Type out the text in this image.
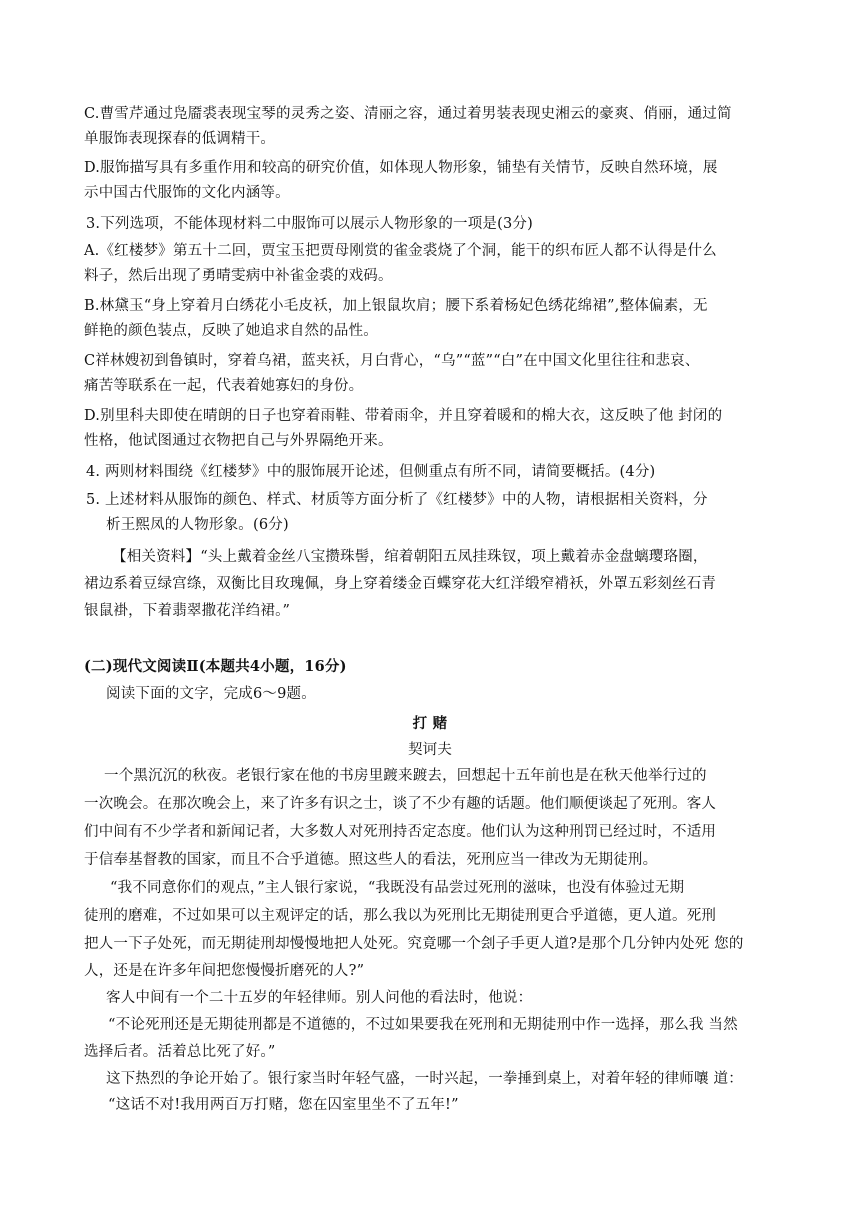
C.曹雪芹通过凫靥裘表现宝琴的灵秀之姿、清丽之容，通过着男装表现史湘云的豪爽、俏丽，通过简
单服饰表现探春的低调精干。
D.服饰描写具有多重作用和较高的研究价值，如体现人物形象，铺垫有关情节，反映自然环境，展
示中国古代服饰的文化内涵等。
3.下列选项，不能体现材料二中服饰可以展示人物形象的一项是(3分)
A.《红楼梦》第五十二回，贾宝玉把贾母刚赏的雀金裘烧了个洞，能干的织布匠人都不认得是什么
料子，然后出现了勇晴雯病中补雀金裘的戏码。
B.林黛玉“身上穿着月白绣花小毛皮袄，加上银鼠坎肩；腰下系着杨妃色绣花绵裙”,整体偏素，无
鲜艳的颜色装点，反映了她追求自然的品性。
C祥林嫂初到鲁镇时，穿着乌裙，蓝夹袄，月白背心，“乌”“蓝”“白”在中国文化里往往和悲哀、
痛苦等联系在一起，代表着她寡妇的身份。
D.别里科夫即使在晴朗的日子也穿着雨鞋、带着雨伞，并且穿着暖和的棉大衣，这反映了他 封闭的
性格，他试图通过衣物把自己与外界隔绝开来。
4. 两则材料围绕《红楼梦》中的服饰展开论述，但侧重点有所不同，请简要概括。(4分)
5. 上述材料从服饰的颜色、样式、材质等方面分析了《红楼梦》中的人物，请根据相关资料，分
析王熙凤的人物形象。(6分)
【相关资料】“头上戴着金丝八宝攒珠髻，绾着朝阳五凤挂珠钗，项上戴着赤金盘螭璎珞圈，
裙边系着豆绿宫绦，双衡比目玫瑰佩，身上穿着缕金百蝶穿花大红洋缎窄褙袄，外罩五彩刻丝石青
银鼠褂，下着翡翠撒花洋绉裙。”
(二)现代文阅读Ⅱ(本题共4小题，16分)
阅读下面的文字，完成6～9题。
打 赌
契诃夫
一个黑沉沉的秋夜。老银行家在他的书房里踱来踱去，回想起十五年前也是在秋天他举行过的
一次晚会。在那次晚会上，来了许多有识之士，谈了不少有趣的话题。他们顺便谈起了死刑。客人
们中间有不少学者和新闻记者，大多数人对死刑持否定态度。他们认为这种刑罚已经过时，不适用
于信奉基督教的国家，而且不合乎道德。照这些人的看法，死刑应当一律改为无期徒刑。
“我不同意你们的观点，”主人银行家说，“我既没有品尝过死刑的滋味，也没有体验过无期
徒刑的磨难，不过如果可以主观评定的话，那么我以为死刑比无期徒刑更合乎道德，更人道。死刑
把人一下子处死，而无期徒刑却慢慢地把人处死。究竟哪一个刽子手更人道?是那个几分钟内处死 您的
人，还是在许多年间把您慢慢折磨死的人?”
客人中间有一个二十五岁的年轻律师。别人问他的看法时，他说：
“不论死刑还是无期徒刑都是不道德的，不过如果要我在死刑和无期徒刑中作一选择，那么我 当然
选择后者。活着总比死了好。”
这下热烈的争论开始了。银行家当时年轻气盛，一时兴起，一拳捶到桌上，对着年轻的律师嚷 道：
“这话不对!我用两百万打赌，您在囚室里坐不了五年!”
